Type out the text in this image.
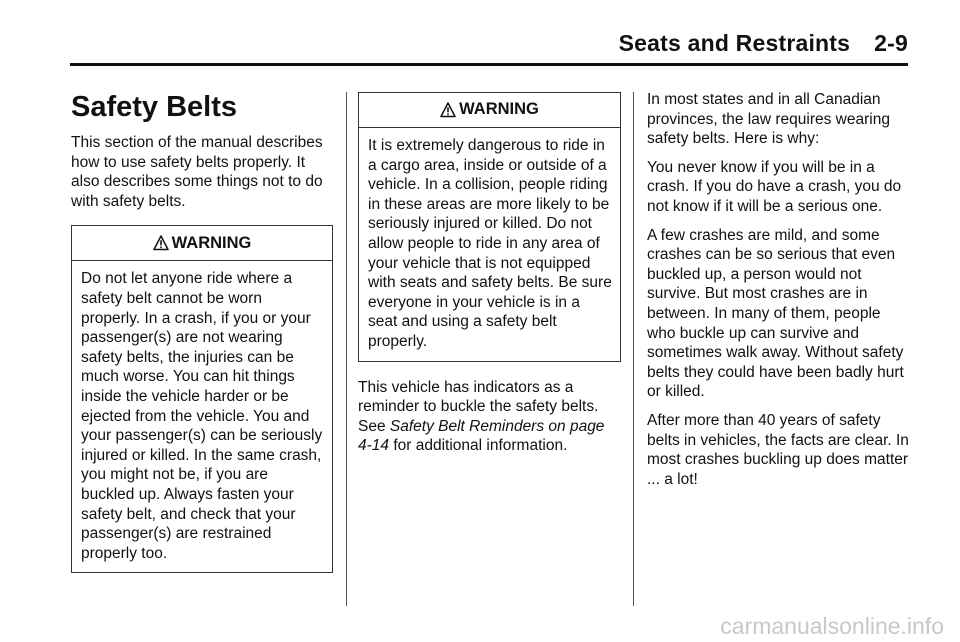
Seats and Restraints 2-9
Safety Belts

This section of the manual describes how to use safety belts properly. It also describes some things not to do with safety belts.

WARNING
Do not let anyone ride where a safety belt cannot be worn properly. In a crash, if you or your passenger(s) are not wearing safety belts, the injuries can be much worse. You can hit things inside the vehicle harder or be ejected from the vehicle. You and your passenger(s) can be seriously injured or killed. In the same crash, you might not be, if you are buckled up. Always fasten your safety belt, and check that your passenger(s) are restrained properly too.
WARNING
It is extremely dangerous to ride in a cargo area, inside or outside of a vehicle. In a collision, people riding in these areas are more likely to be seriously injured or killed. Do not allow people to ride in any area of your vehicle that is not equipped with seats and safety belts. Be sure everyone in your vehicle is in a seat and using a safety belt properly.

This vehicle has indicators as a reminder to buckle the safety belts. See Safety Belt Reminders on page 4-14 for additional information.

In most states and in all Canadian provinces, the law requires wearing safety belts. Here is why:

You never know if you will be in a crash. If you do have a crash, you do not know if it will be a serious one.

A few crashes are mild, and some crashes can be so serious that even buckled up, a person would not survive. But most crashes are in between. In many of them, people who buckle up can survive and sometimes walk away. Without safety belts they could have been badly hurt or killed.

After more than 40 years of safety belts in vehicles, the facts are clear. In most crashes buckling up does matter ... a lot!

carmanualsonline.info
